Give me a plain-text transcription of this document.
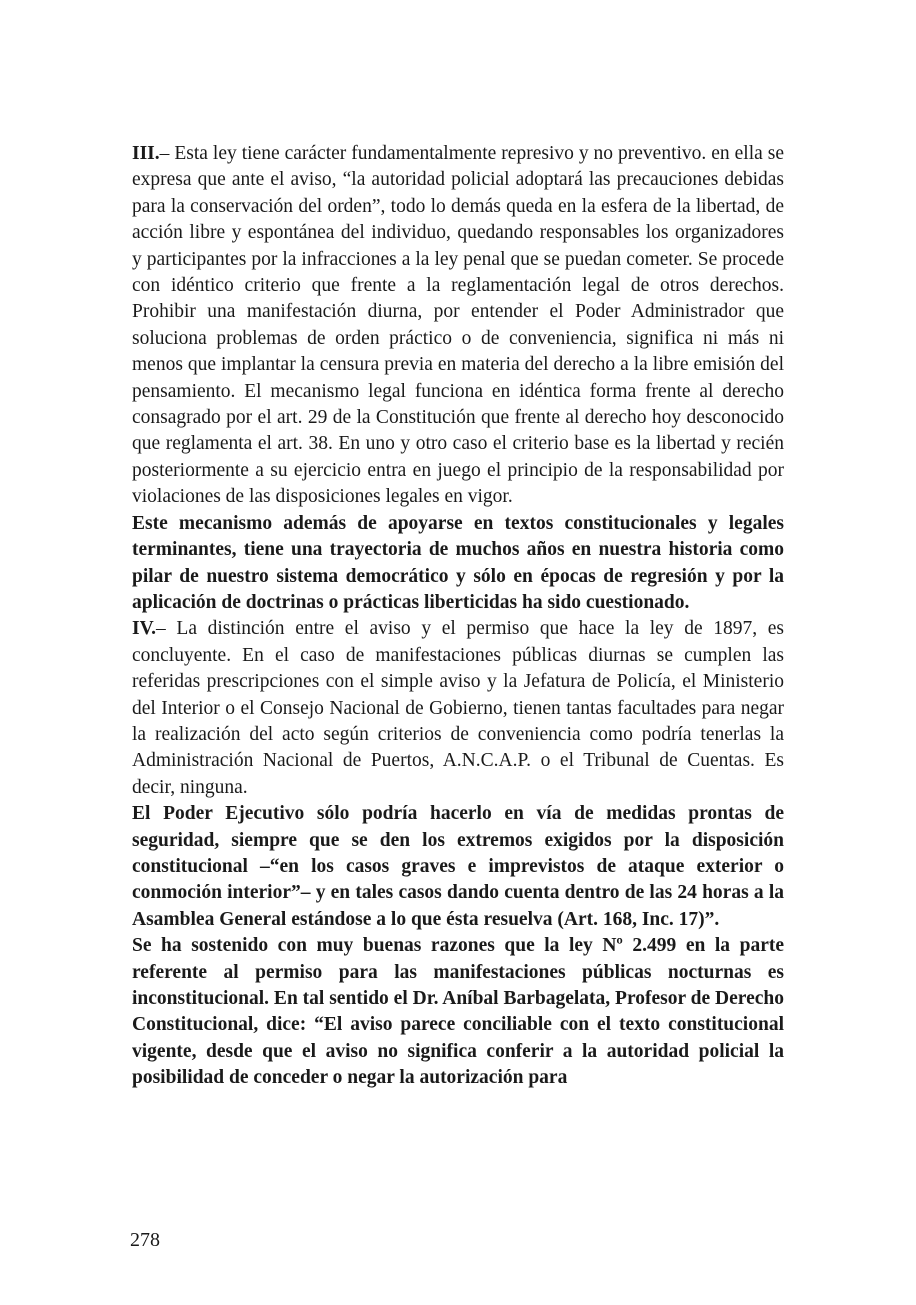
III.– Esta ley tiene carácter fundamentalmente represivo y no preventivo. en ella se expresa que ante el aviso, “la autoridad policial adoptará las precauciones debidas para la conservación del orden”, todo lo demás queda en la esfera de la libertad, de acción libre y espontánea del individuo, quedando responsables los organizadores y participantes por la infracciones a la ley penal que se puedan cometer. Se procede con idéntico criterio que frente a la reglamentación legal de otros derechos. Prohibir una manifestación diurna, por entender el Poder Administrador que soluciona problemas de orden práctico o de conveniencia, significa ni más ni menos que implantar la censura previa en materia del derecho a la libre emisión del pensamiento. El mecanismo legal funciona en idéntica forma frente al derecho consagrado por el art. 29 de la Constitución que frente al derecho hoy desconocido que reglamenta el art. 38. En uno y otro caso el criterio base es la libertad y recién posteriormente a su ejercicio entra en juego el principio de la responsabilidad por violaciones de las disposiciones legales en vigor.

Este mecanismo además de apoyarse en textos constitucionales y legales terminantes, tiene una trayectoria de muchos años en nuestra historia como pilar de nuestro sistema democrático y sólo en épocas de regresión y por la aplicación de doctrinas o prácticas liberticidas ha sido cuestionado.

IV.– La distinción entre el aviso y el permiso que hace la ley de 1897, es concluyente. En el caso de manifestaciones públicas diurnas se cumplen las referidas prescripciones con el simple aviso y la Jefatura de Policía, el Ministerio del Interior o el Consejo Nacional de Gobierno, tienen tantas facultades para negar la realización del acto según criterios de conveniencia como podría tenerlas la Administración Nacional de Puertos, A.N.C.A.P. o el Tribunal de Cuentas. Es decir, ninguna.

El Poder Ejecutivo sólo podría hacerlo en vía de medidas prontas de seguridad, siempre que se den los extremos exigidos por la disposición constitucional –“en los casos graves e imprevistos de ataque exterior o conmoción interior”– y en tales casos dando cuenta dentro de las 24 horas a la Asamblea General estándose a lo que ésta resuelva (Art. 168, Inc. 17)”.

Se ha sostenido con muy buenas razones que la ley Nº 2.499 en la parte referente al permiso para las manifestaciones públicas nocturnas es inconstitucional. En tal sentido el Dr. Aníbal Barbagelata, Profesor de Derecho Constitucional, dice: “El aviso parece conciliable con el texto constitucional vigente, desde que el aviso no significa conferir a la autoridad policial la posibilidad de conceder o negar la autorización para

278
